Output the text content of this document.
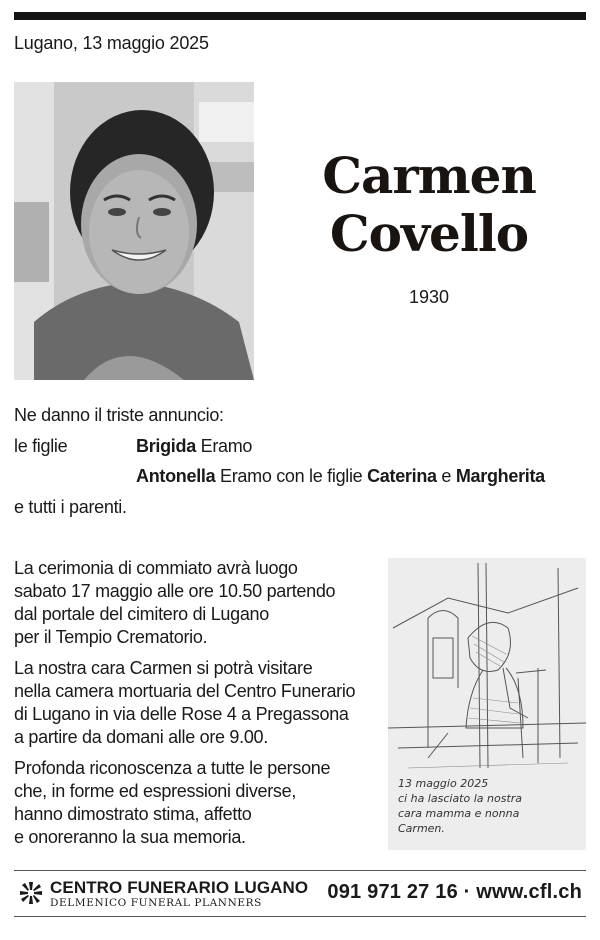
Lugano, 13 maggio 2025
Carmen
Covello
1930
Ne danno il triste annuncio:
le figlie	Brigida Eramo
Antonella Eramo con le figlie Caterina e Margherita
e tutti i parenti.

La cerimonia di commiato avrà luogo
sabato 17 maggio alle ore 10.50 partendo
dal portale del cimitero di Lugano
per il Tempio Crematorio.

La nostra cara Carmen si potrà visitare
nella camera mortuaria del Centro Funerario
di Lugano in via delle Rose 4 a Pregassona
a partire da domani alle ore 9.00.

Profonda riconoscenza a tutte le persone
che, in forme ed espressioni diverse,
hanno dimostrato stima, affetto
e onoreranno la sua memoria.

13 maggio 2025
ci ha lasciato la nostra
cara mamma e nonna
Carmen.
CENTRO FUNERARIO LUGANO
DELMENICO FUNERAL PLANNERS	091 971 27 16 · www.cfl.ch
